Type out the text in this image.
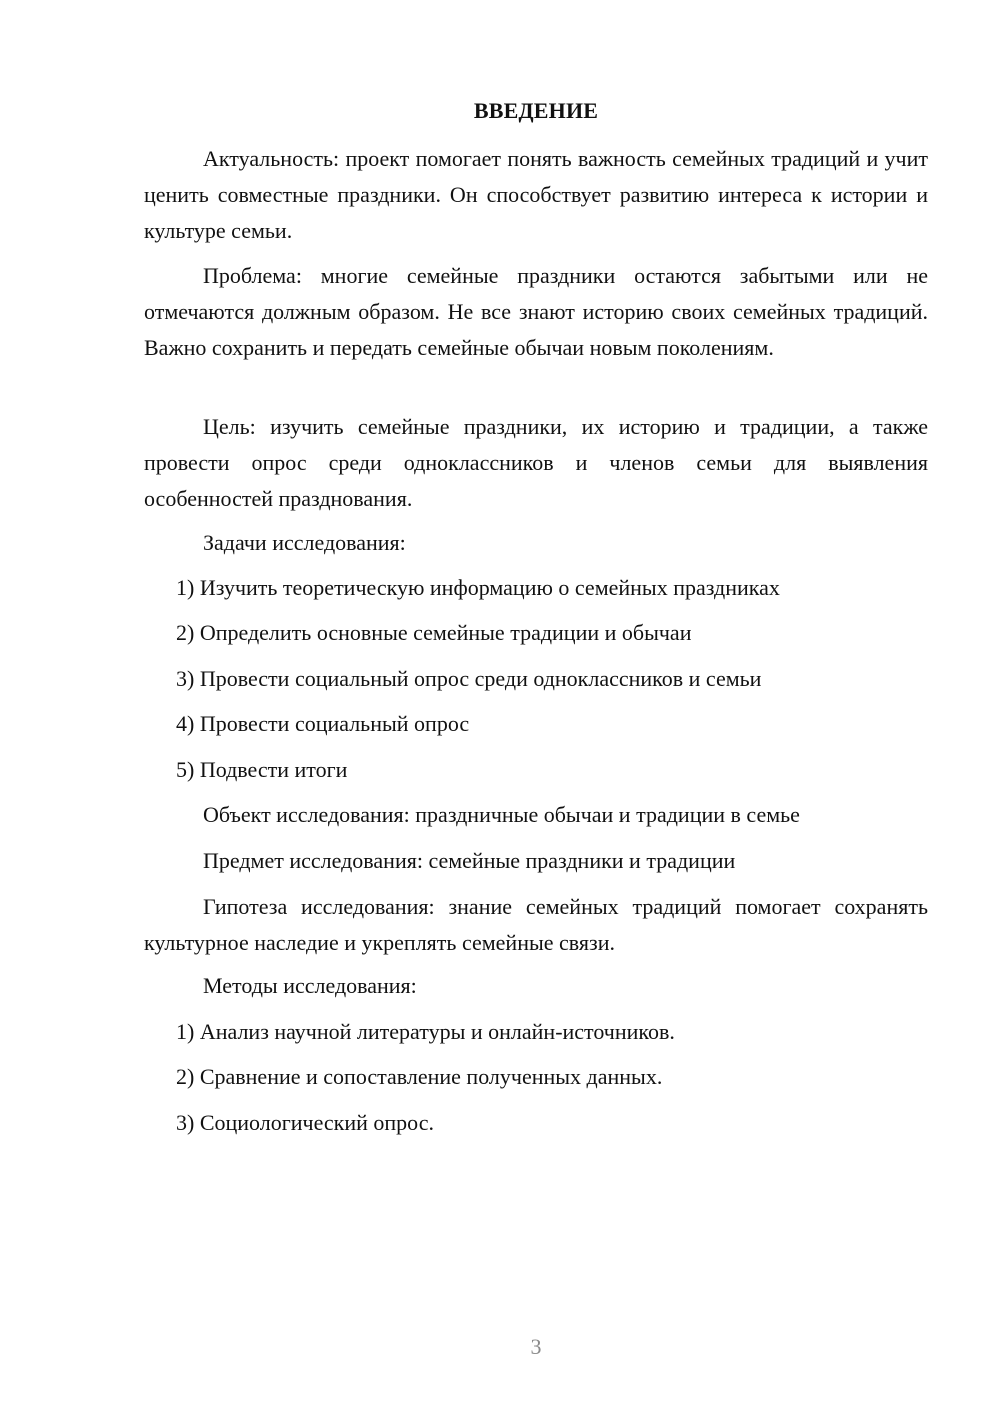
ВВЕДЕНИЕ

Актуальность: проект помогает понять важность семейных традиций и учит ценить совместные праздники. Он способствует развитию интереса к истории и культуре семьи.

Проблема: многие семейные праздники остаются забытыми или не отмечаются должным образом. Не все знают историю своих семейных традиций. Важно сохранить и передать семейные обычаи новым поколениям.

Цель: изучить семейные праздники, их историю и традиции, а также провести опрос среди одноклассников и членов семьи для выявления особенностей празднования.

Задачи исследования:
1) Изучить теоретическую информацию о семейных праздниках
2) Определить основные семейные традиции и обычаи
3) Провести социальный опрос среди одноклассников и семьи
4) Провести социальный опрос
5) Подвести итоги
Объект исследования: праздничные обычаи и традиции в семье
Предмет исследования: семейные праздники и традиции

Гипотеза исследования: знание семейных традиций помогает сохранять культурное наследие и укреплять семейные связи.

Методы исследования:
1) Анализ научной литературы и онлайн-источников.
2) Сравнение и сопоставление полученных данных.
3) Социологический опрос.
3
